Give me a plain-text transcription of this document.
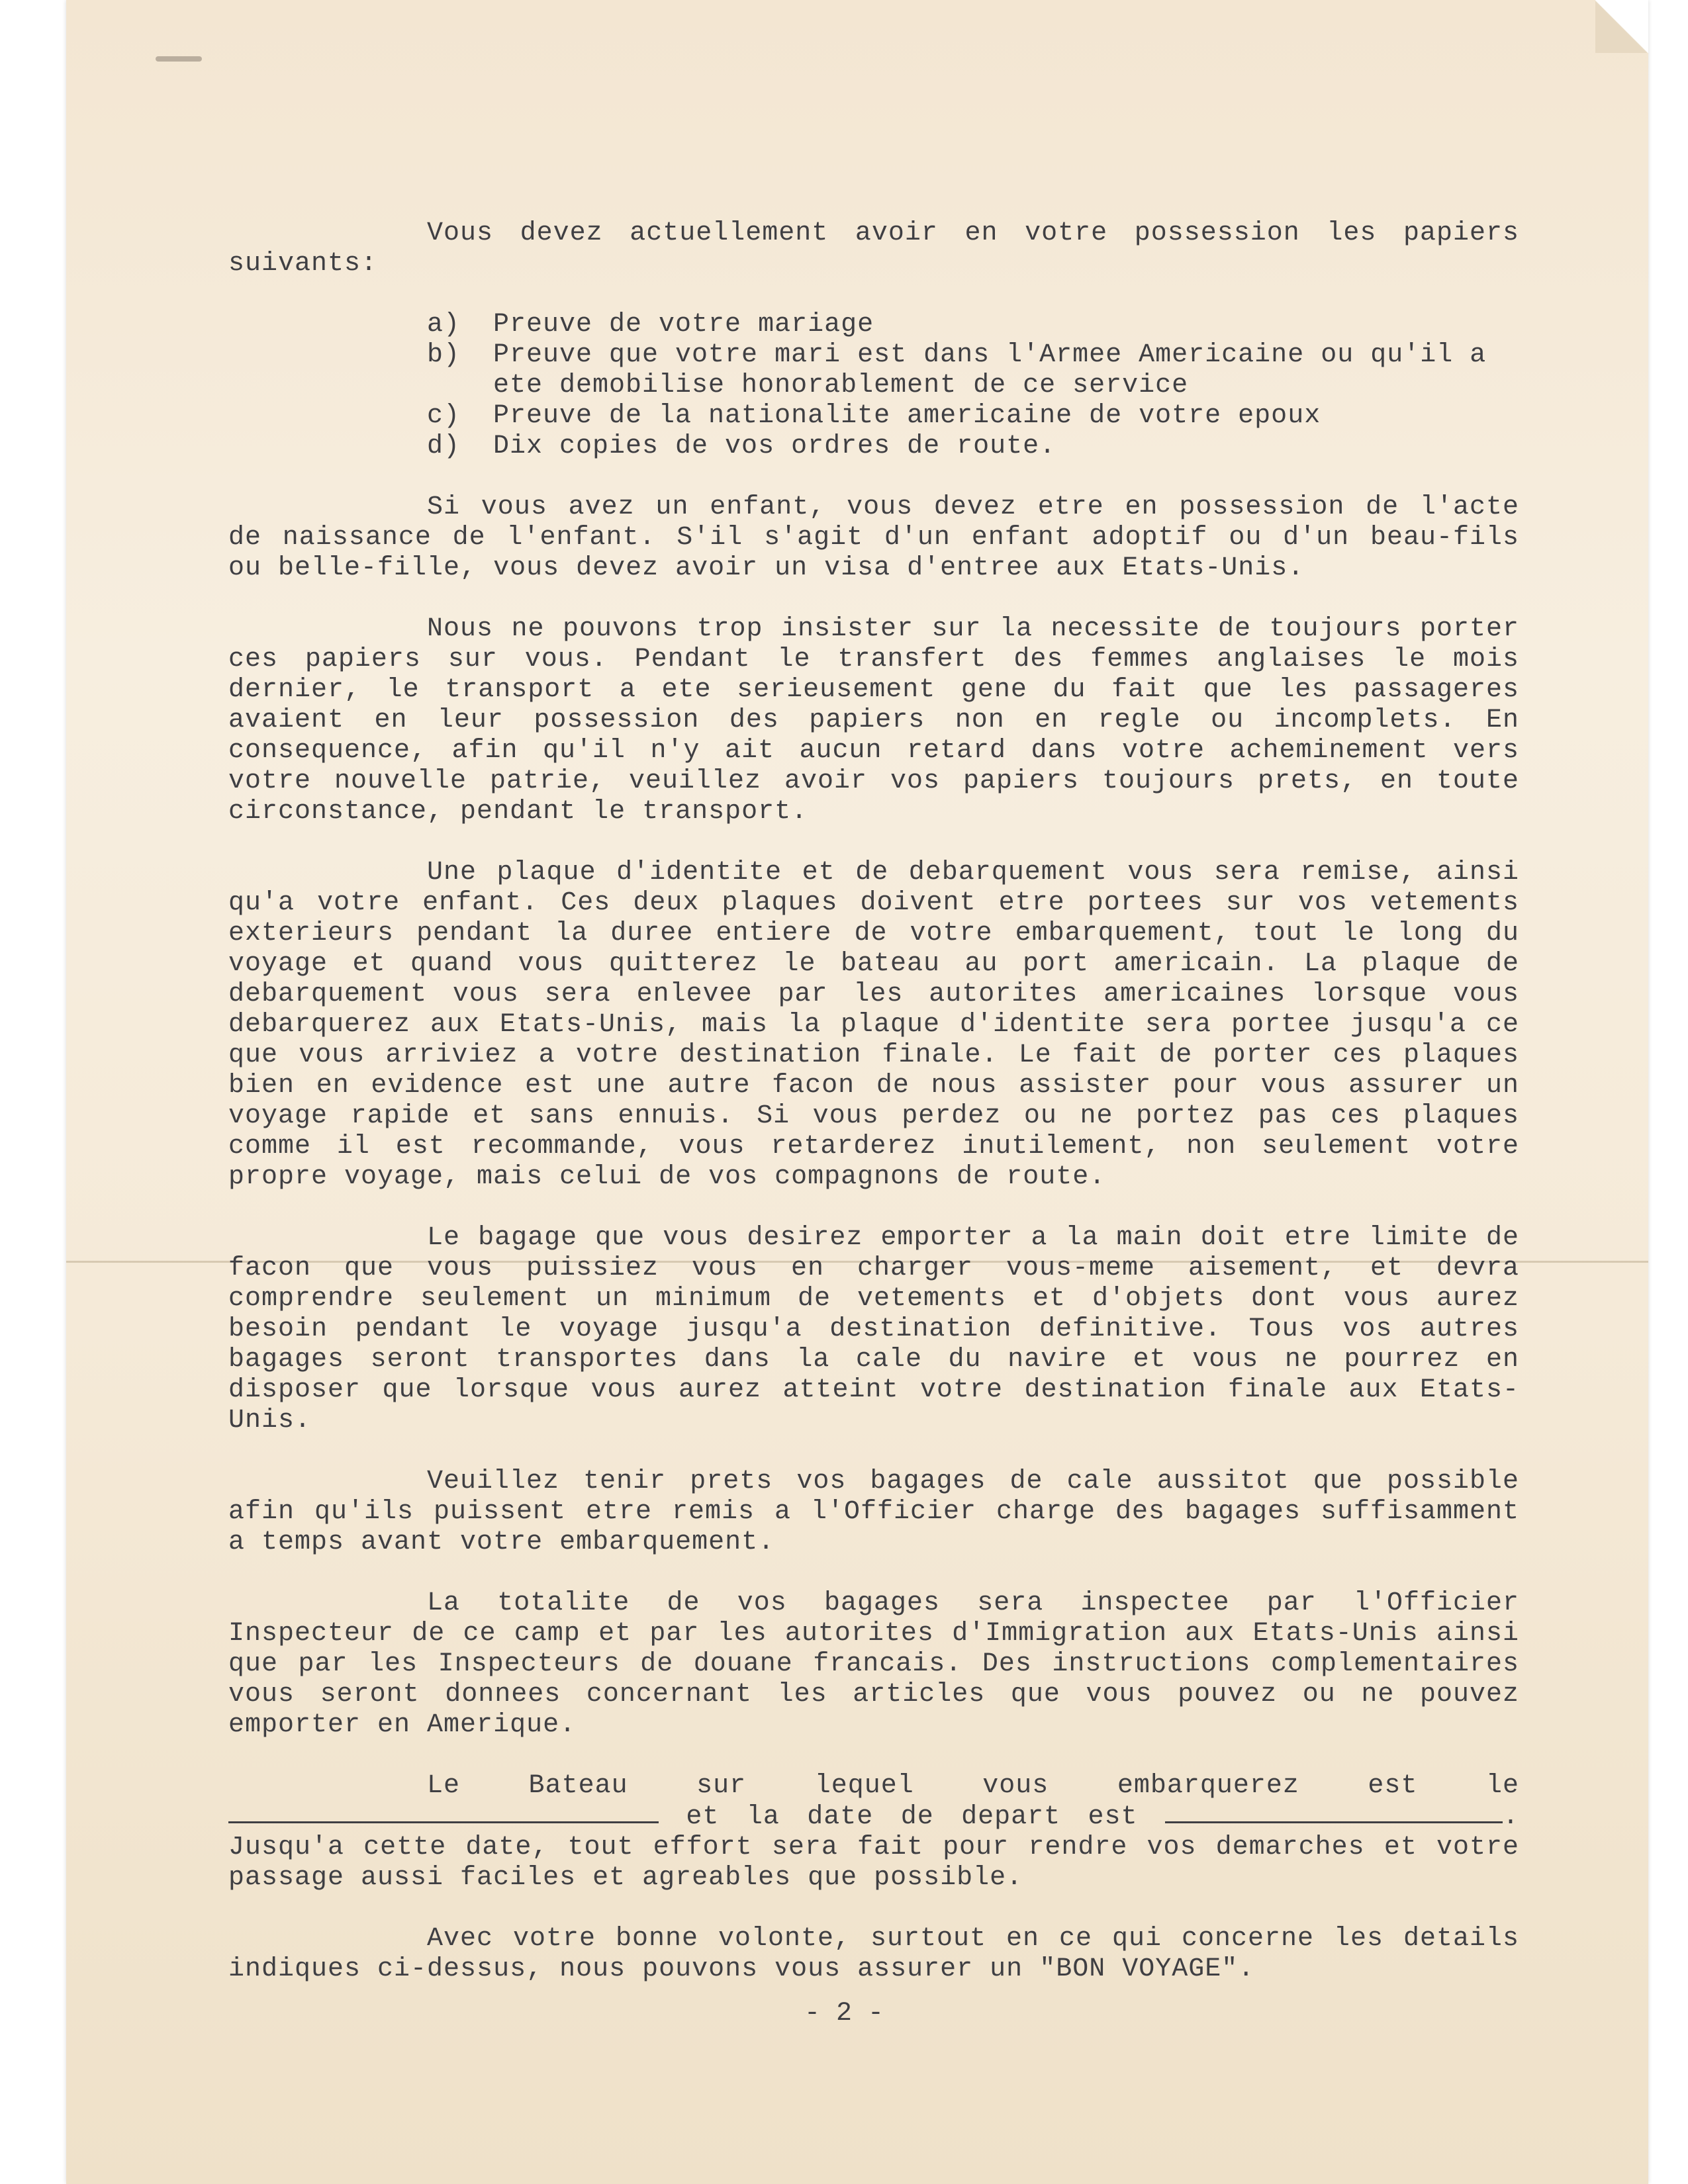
Vous devez actuellement avoir en votre possession les papiers suivants:

a) Preuve de votre mariage
b) Preuve que votre mari est dans l'Armee Americaine ou qu'il a ete demobilise honorablement de ce service
c) Preuve de la nationalite americaine de votre epoux
d) Dix copies de vos ordres de route.

Si vous avez un enfant, vous devez etre en possession de l'acte de naissance de l'enfant. S'il s'agit d'un enfant adoptif ou d'un beau-fils ou belle-fille, vous devez avoir un visa d'entree aux Etats-Unis.

Nous ne pouvons trop insister sur la necessite de toujours porter ces papiers sur vous. Pendant le transfert des femmes anglaises le mois dernier, le transport a ete serieusement gene du fait que les passageres avaient en leur possession des papiers non en regle ou incomplets. En consequence, afin qu'il n'y ait aucun retard dans votre acheminement vers votre nouvelle patrie, veuillez avoir vos papiers toujours prets, en toute circonstance, pendant le transport.

Une plaque d'identite et de debarquement vous sera remise, ainsi qu'a votre enfant. Ces deux plaques doivent etre portees sur vos vetements exterieurs pendant la duree entiere de votre embarquement, tout le long du voyage et quand vous quitterez le bateau au port americain. La plaque de debarquement vous sera enlevee par les autorites americaines lorsque vous debarquerez aux Etats-Unis, mais la plaque d'identite sera portee jusqu'a ce que vous arriviez a votre destination finale. Le fait de porter ces plaques bien en evidence est une autre facon de nous assister pour vous assurer un voyage rapide et sans ennuis. Si vous perdez ou ne portez pas ces plaques comme il est recommande, vous retarderez inutilement, non seulement votre propre voyage, mais celui de vos compagnons de route.

Le bagage que vous desirez emporter a la main doit etre limite de facon que vous puissiez vous en charger vous-meme aisement, et devra comprendre seulement un minimum de vetements et d'objets dont vous aurez besoin pendant le voyage jusqu'a destination definitive. Tous vos autres bagages seront transportes dans la cale du navire et vous ne pourrez en disposer que lorsque vous aurez atteint votre destination finale aux Etats-Unis.

Veuillez tenir prets vos bagages de cale aussitot que possible afin qu'ils puissent etre remis a l'Officier charge des bagages suffisamment a temps avant votre embarquement.

La totalite de vos bagages sera inspectee par l'Officier Inspecteur de ce camp et par les autorites d'Immigration aux Etats-Unis ainsi que par les Inspecteurs de douane francais. Des instructions complementaires vous seront donnees concernant les articles que vous pouvez ou ne pouvez emporter en Amerique.

Le Bateau sur lequel vous embarquerez est le  et la date de depart est	. Jusqu'a cette date, tout effort sera fait pour rendre vos demarches et votre passage aussi faciles et agreables que possible.

Avec votre bonne volonte, surtout en ce qui concerne les details indiques ci-dessus, nous pouvons vous assurer un "BON VOYAGE".

- 2 -
